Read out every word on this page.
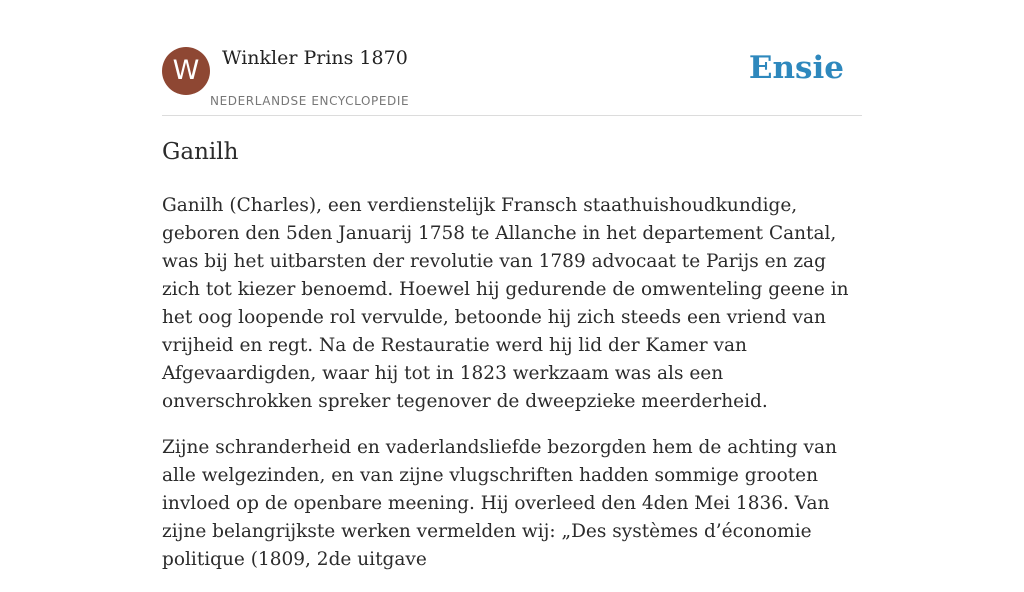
W	Winkler Prins 1870
NEDERLANDSE ENCYCLOPEDIE
Ensie
Ganilh

Ganilh (Charles), een verdienstelijk Fransch staathuishoudkundige, geboren den 5den Januarij 1758 te Allanche in het departement Cantal, was bij het uitbarsten der revolutie van 1789 advocaat te Parijs en zag zich tot kiezer benoemd. Hoewel hij gedurende de omwenteling geene in het oog loopende rol vervulde, betoonde hij zich steeds een vriend van vrijheid en regt. Na de Restauratie werd hij lid der Kamer van Afgevaardigden, waar hij tot in 1823 werkzaam was als een onverschrokken spreker tegenover de dweepzieke meerderheid.

Zijne schranderheid en vaderlandsliefde bezorgden hem de achting van alle welgezinden, en van zijne vlugschriften hadden sommige grooten invloed op de openbare meening. Hij overleed den 4den Mei 1836. Van zijne belangrijkste werken vermelden wij: „Des systèmes d’économie politique (1809, 2de uitgave
